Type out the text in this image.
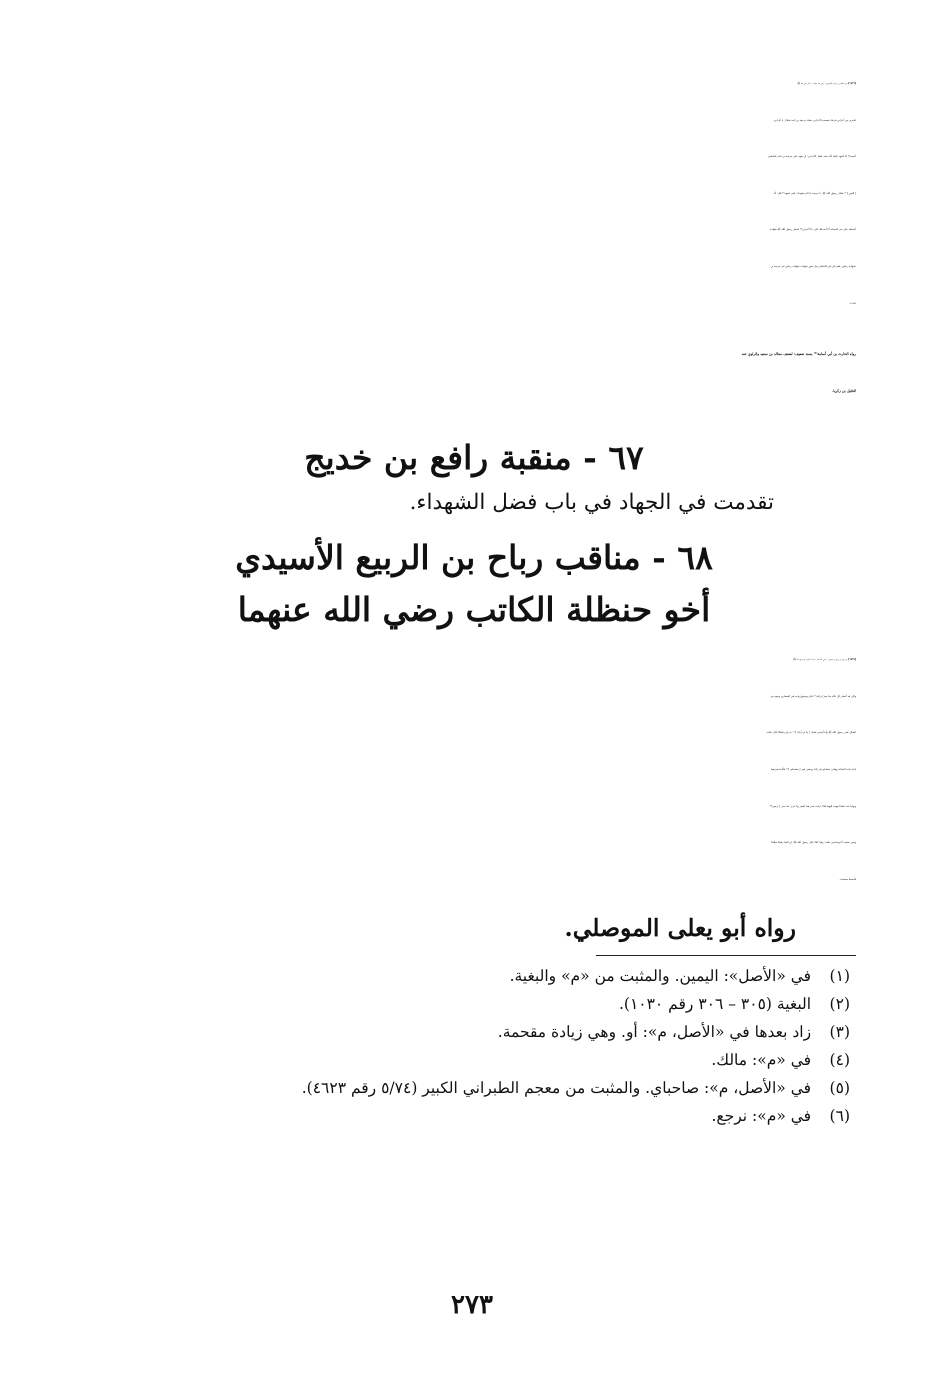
[٦٨٣٦] وعن النعمان بن بشير الأنصاري – رضي الله عنهما – «أن رسول الله ﷺ
اشترى من أعرابي فرسًا، فجحده الأعرابي، فجاء خزيمة بن ثابت فقال: يا أعرابي،
أتجحد؟! أنا أشهد عليك أنك بعته. فقال الأعرابي: إن شهد علي خزيمة بن ثابت فأعطني
[ الثمن ]⁽¹⁾. فقال رسول الله ﷺ: يا خزيمة، إنا لم نشهدك، كيف تشهد؟! قال: أنا
أصدقك على خبر السماء، ألا أصدقك على ذا الأعرابي؟! فجعل رسول الله ﷺ شهادته
بشهادة رجلين، فلم يكن في الإسلام رجل تجوز شهادته بشهادة رجلين غير خزيمة بن
ثابت».
رواه الحارث بن أبي أسامة⁽²⁾ بسند ضعيف؛ لضعف مجالد بن سعيد والراوي عنه
الخليل بن زكريا.
٦٧ - منقبة رافع بن خديج

تقدمت في الجهاد في باب فضل الشهداء.

٦٨ - مناقب رباح بن الربيع الأسيدي
أخو حنظلة الكاتب رضي الله عنهما
[٦٨٣٧] عن رباح بن ربيع بن صيفي – رضي الله عنه – قال: «غزونا مع رسول الله ﷺ
وكان قد أعطى كل ثلاثة منا بعيرًا يركبه⁽³⁾ اثنان ويسوق واحد في الصحاري ويقود في
الجبال، فمر رسول الله ﷺ وأنا أمشي فقال: [ ما لي أراك ]⁽⁴⁾ يا رباح ماشيًا؟ قال: قلت:
إنما نزلت الساعة وهذان صاحباي قد ركبا. ومضى فمر [ بصاحباي ]⁽⁵⁾ فأناخا بعيرهما
وتوليا عنه، فلما انتهيت إليهما قالا: اركب صدر هذا البعير ولا تنزل عنه حتى [ ترجع ]⁽⁶⁾
ونحن نعتقب أنا وصاحبي. قلت: ولم؟ قالا: قال رسول الله ﷺ: إن لكما رفيقًا صالحًا
فأحسنا صحبته».
رواه أبو يعلى الموصلي.
(١) في «الأصل»: اليمين. والمثبت من «م» والبغية.
(٢) البغية (٣٠٥ – ٣٠٦ رقم ١٠٣٠).
(٣) زاد بعدها في «الأصل، م»: أو. وهي زيادة مقحمة.
(٤) في «م»: مالك.
(٥) في «الأصل، م»: صاحباي. والمثبت من معجم الطبراني الكبير (٥/٧٤ رقم ٤٦٢٣).
(٦) في «م»: نرجع.
٢٧٣
